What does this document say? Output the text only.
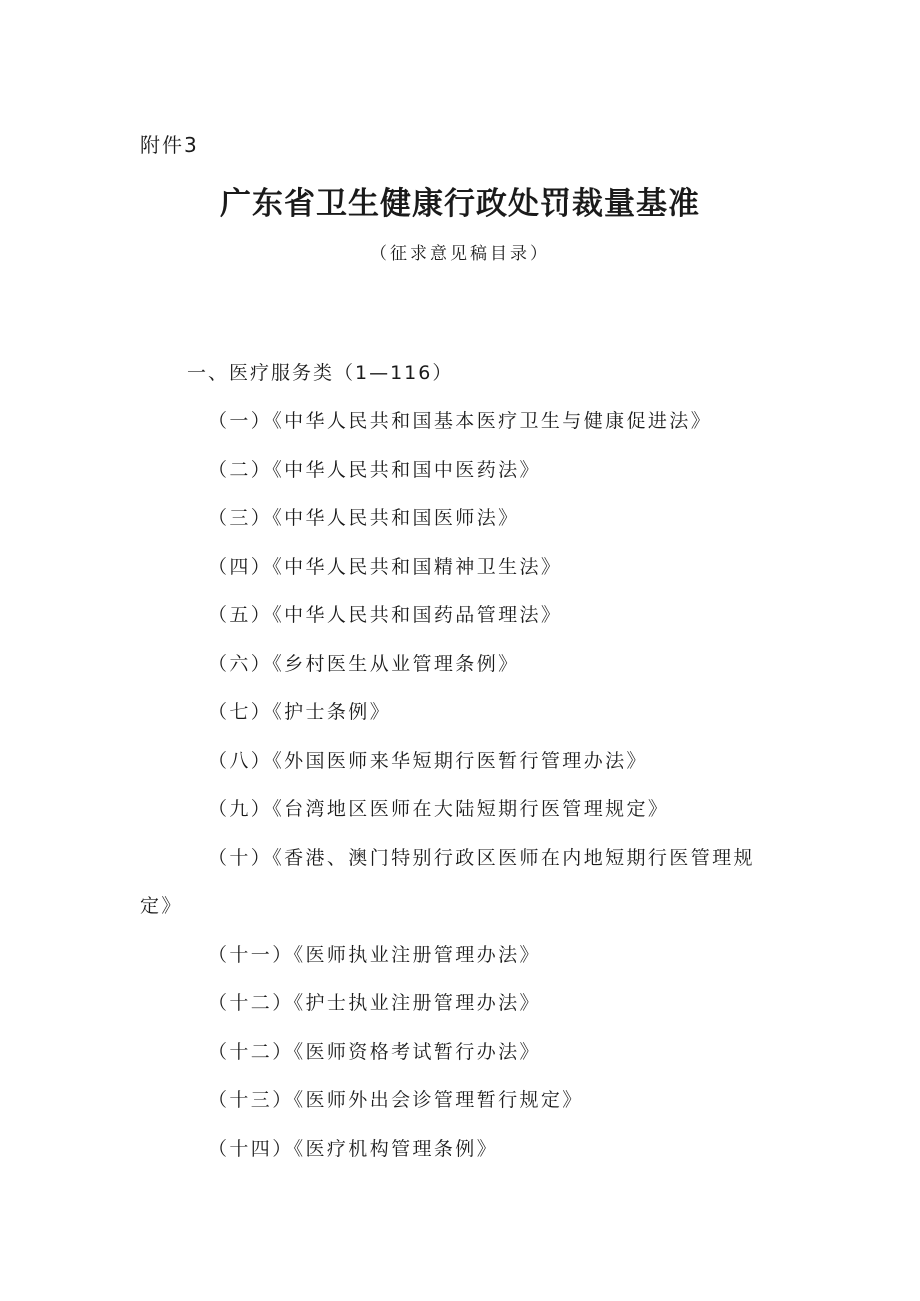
附件3
广东省卫生健康行政处罚裁量基准
（征求意见稿目录）
一、医疗服务类（1—116）
（一）《中华人民共和国基本医疗卫生与健康促进法》
（二）《中华人民共和国中医药法》
（三）《中华人民共和国医师法》
（四）《中华人民共和国精神卫生法》
（五）《中华人民共和国药品管理法》
（六）《乡村医生从业管理条例》
（七）《护士条例》
（八）《外国医师来华短期行医暂行管理办法》
（九）《台湾地区医师在大陆短期行医管理规定》
（十）《香港、澳门特别行政区医师在内地短期行医管理规
定》
（十一）《医师执业注册管理办法》
（十二）《护士执业注册管理办法》
（十二）《医师资格考试暂行办法》
（十三）《医师外出会诊管理暂行规定》
（十四）《医疗机构管理条例》
